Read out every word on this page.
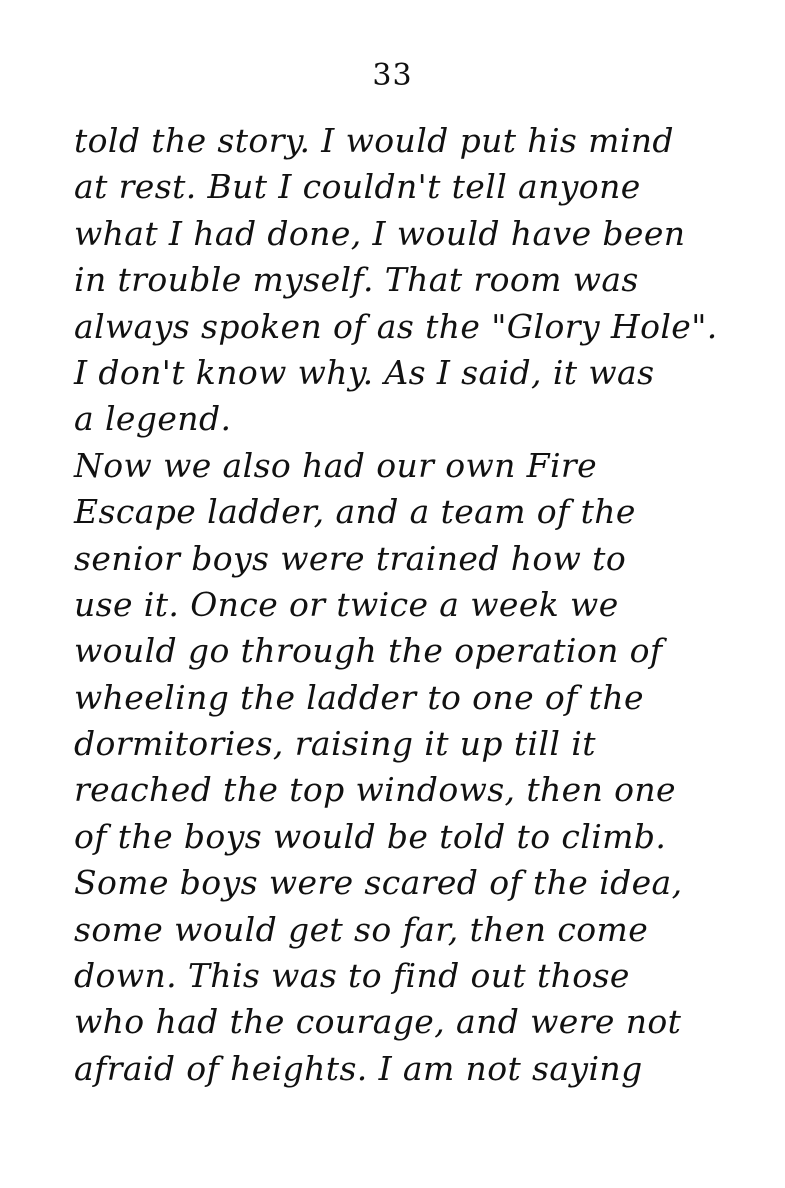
33
told the story. I would put his mind
at rest. But I couldn't tell anyone
what I had done, I would have been
in trouble myself. That room was
always spoken of as the "Glory Hole".
I don't know why. As I said, it was
a legend.
Now we also had our own Fire
Escape ladder, and a team of the
senior boys were trained how to
use it. Once or twice a week we
would go through the operation of
wheeling the ladder to one of the
dormitories, raising it up till it
reached the top windows, then one
of the boys would be told to climb.
Some boys were scared of the idea,
some would get so far, then come
down. This was to find out those
who had the courage, and were not
afraid of heights. I am not saying
